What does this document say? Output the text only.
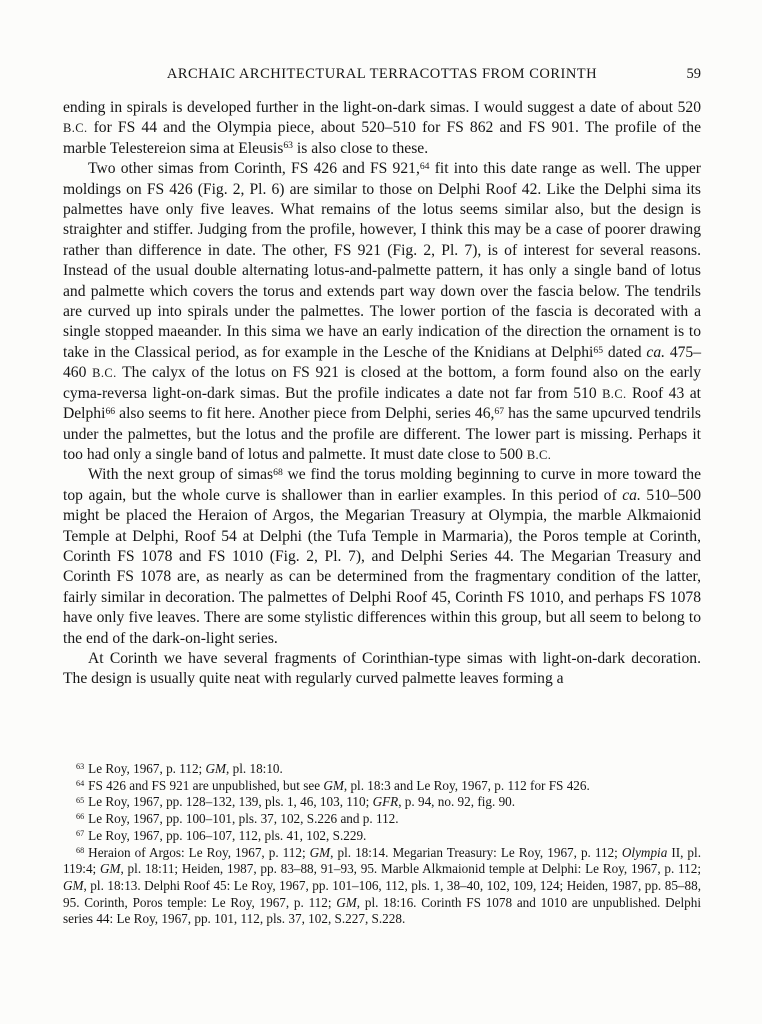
ARCHAIC ARCHITECTURAL TERRACOTTAS FROM CORINTH	59

ending in spirals is developed further in the light-on-dark simas. I would suggest a date of about 520 B.C. for FS 44 and the Olympia piece, about 520–510 for FS 862 and FS 901. The profile of the marble Telestereion sima at Eleusis$^{63}$ is also close to these.

Two other simas from Corinth, FS 426 and FS 921,64 fit into this date range as well. The upper moldings on FS 426 (Fig. 2, Pl. 6) are similar to those on Delphi Roof 42. Like the Delphi sima its palmettes have only five leaves. What remains of the lotus seems similar also, but the design is straighter and stiffer. Judging from the profile, however, I think this may be a case of poorer drawing rather than difference in date. The other, FS 921 (Fig. 2, Pl. 7), is of interest for several reasons. Instead of the usual double alternating lotus-and-palmette pattern, it has only a single band of lotus and palmette which covers the torus and extends part way down over the fascia below. The tendrils are curved up into spirals under the palmettes. The lower portion of the fascia is decorated with a single stopped maeander. In this sima we have an early indication of the direction the ornament is to take in the Classical period, as for example in the Lesche of the Knidians at Delphi$^{65}$ dated ca. 475–460 B.C. The calyx of the lotus on FS 921 is closed at the bottom, a form found also on the early cyma-reversa light-on-dark simas. But the profile indicates a date not far from 510 B.C. Roof 43 at Delphi$^{66}$ also seems to fit here. Another piece from Delphi, series 46,67 has the same upcurved tendrils under the palmettes, but the lotus and the profile are different. The lower part is missing. Perhaps it too had only a single band of lotus and palmette. It must date close to 500 B.C.

With the next group of simas$^{68}$ we find the torus molding beginning to curve in more toward the top again, but the whole curve is shallower than in earlier examples. In this period of ca. 510–500 might be placed the Heraion of Argos, the Megarian Treasury at Olympia, the marble Alkmaionid Temple at Delphi, Roof 54 at Delphi (the Tufa Temple in Marmaria), the Poros temple at Corinth, Corinth FS 1078 and FS 1010 (Fig. 2, Pl. 7), and Delphi Series 44. The Megarian Treasury and Corinth FS 1078 are, as nearly as can be determined from the fragmentary condition of the latter, fairly similar in decoration. The palmettes of Delphi Roof 45, Corinth FS 1010, and perhaps FS 1078 have only five leaves. There are some stylistic differences within this group, but all seem to belong to the end of the dark-on-light series.

At Corinth we have several fragments of Corinthian-type simas with light-on-dark decoration. The design is usually quite neat with regularly curved palmette leaves forming a

$^{63}$ Le Roy, 1967, p. 112; GM, pl. 18:10.

$^{64}$ FS 426 and FS 921 are unpublished, but see GM, pl. 18:3 and Le Roy, 1967, p. 112 for FS 426.

$^{65}$ Le Roy, 1967, pp. 128–132, 139, pls. 1, 46, 103, 110; GFR, p. 94, no. 92, fig. 90.

$^{66}$ Le Roy, 1967, pp. 100–101, pls. 37, 102, S.226 and p. 112.

$^{67}$ Le Roy, 1967, pp. 106–107, 112, pls. 41, 102, S.229.

$^{68}$ Heraion of Argos: Le Roy, 1967, p. 112; GM, pl. 18:14. Megarian Treasury: Le Roy, 1967, p. 112; Olympia II, pl. 119:4; GM, pl. 18:11; Heiden, 1987, pp. 83–88, 91–93, 95. Marble Alkmaionid temple at Delphi: Le Roy, 1967, p. 112; GM, pl. 18:13. Delphi Roof 45: Le Roy, 1967, pp. 101–106, 112, pls. 1, 38–40, 102, 109, 124; Heiden, 1987, pp. 85–88, 95. Corinth, Poros temple: Le Roy, 1967, p. 112; GM, pl. 18:16. Corinth FS 1078 and 1010 are unpublished. Delphi series 44: Le Roy, 1967, pp. 101, 112, pls. 37, 102, S.227, S.228.
